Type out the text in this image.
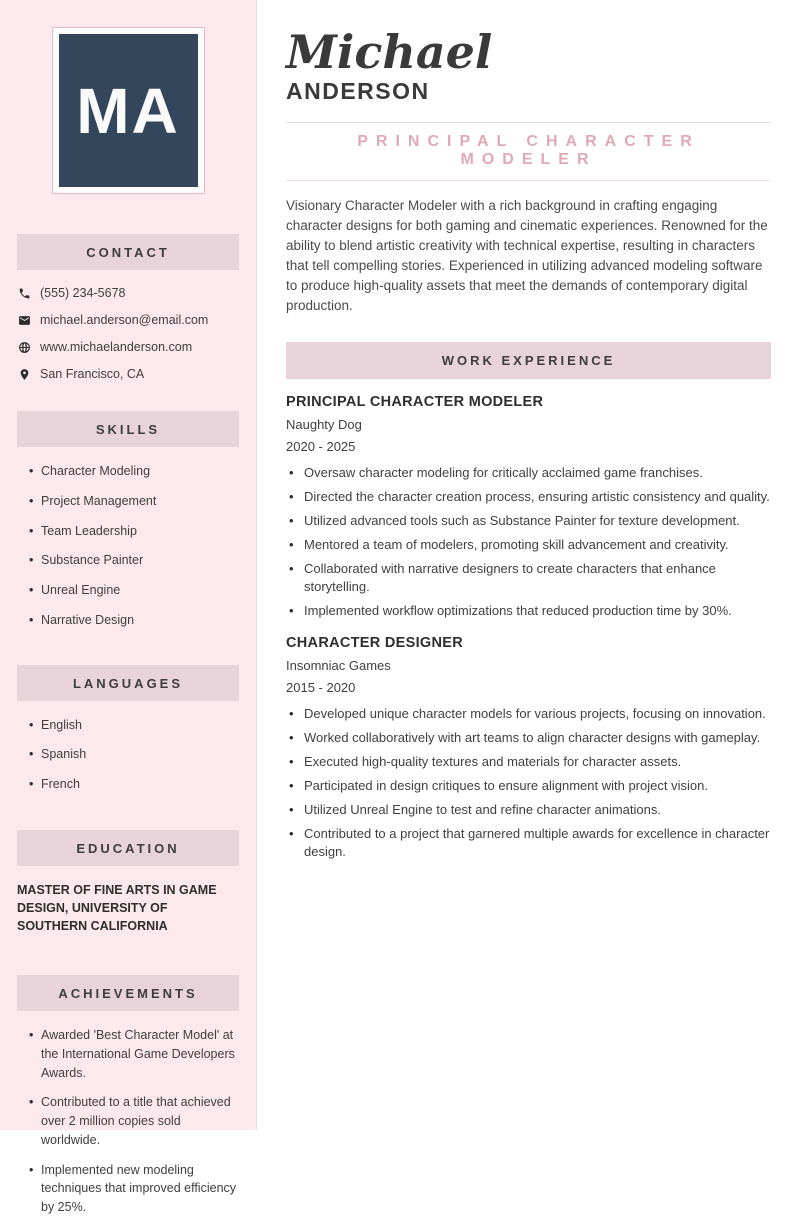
MA
CONTACT
(555) 234-5678
michael.anderson@email.com
www.michaelanderson.com
San Francisco, CA
SKILLS
• Character Modeling
• Project Management
• Team Leadership
• Substance Painter
• Unreal Engine
• Narrative Design
LANGUAGES
• English
• Spanish
• French
EDUCATION
MASTER OF FINE ARTS IN GAME DESIGN, UNIVERSITY OF SOUTHERN CALIFORNIA
ACHIEVEMENTS
• Awarded 'Best Character Model' at the International Game Developers Awards.
• Contributed to a title that achieved over 2 million copies sold worldwide.
• Implemented new modeling techniques that improved efficiency by 25%.
Michael
ANDERSON
PRINCIPAL CHARACTER MODELER

Visionary Character Modeler with a rich background in crafting engaging character designs for both gaming and cinematic experiences. Renowned for the ability to blend artistic creativity with technical expertise, resulting in characters that tell compelling stories. Experienced in utilizing advanced modeling software to produce high-quality assets that meet the demands of contemporary digital production.

WORK EXPERIENCE
PRINCIPAL CHARACTER MODELER
Naughty Dog
2020 - 2025
• Oversaw character modeling for critically acclaimed game franchises.
• Directed the character creation process, ensuring artistic consistency and quality.
• Utilized advanced tools such as Substance Painter for texture development.
• Mentored a team of modelers, promoting skill advancement and creativity.
• Collaborated with narrative designers to create characters that enhance storytelling.
• Implemented workflow optimizations that reduced production time by 30%.
CHARACTER DESIGNER
Insomniac Games
2015 - 2020
• Developed unique character models for various projects, focusing on innovation.
• Worked collaboratively with art teams to align character designs with gameplay.
• Executed high-quality textures and materials for character assets.
• Participated in design critiques to ensure alignment with project vision.
• Utilized Unreal Engine to test and refine character animations.
• Contributed to a project that garnered multiple awards for excellence in character design.
